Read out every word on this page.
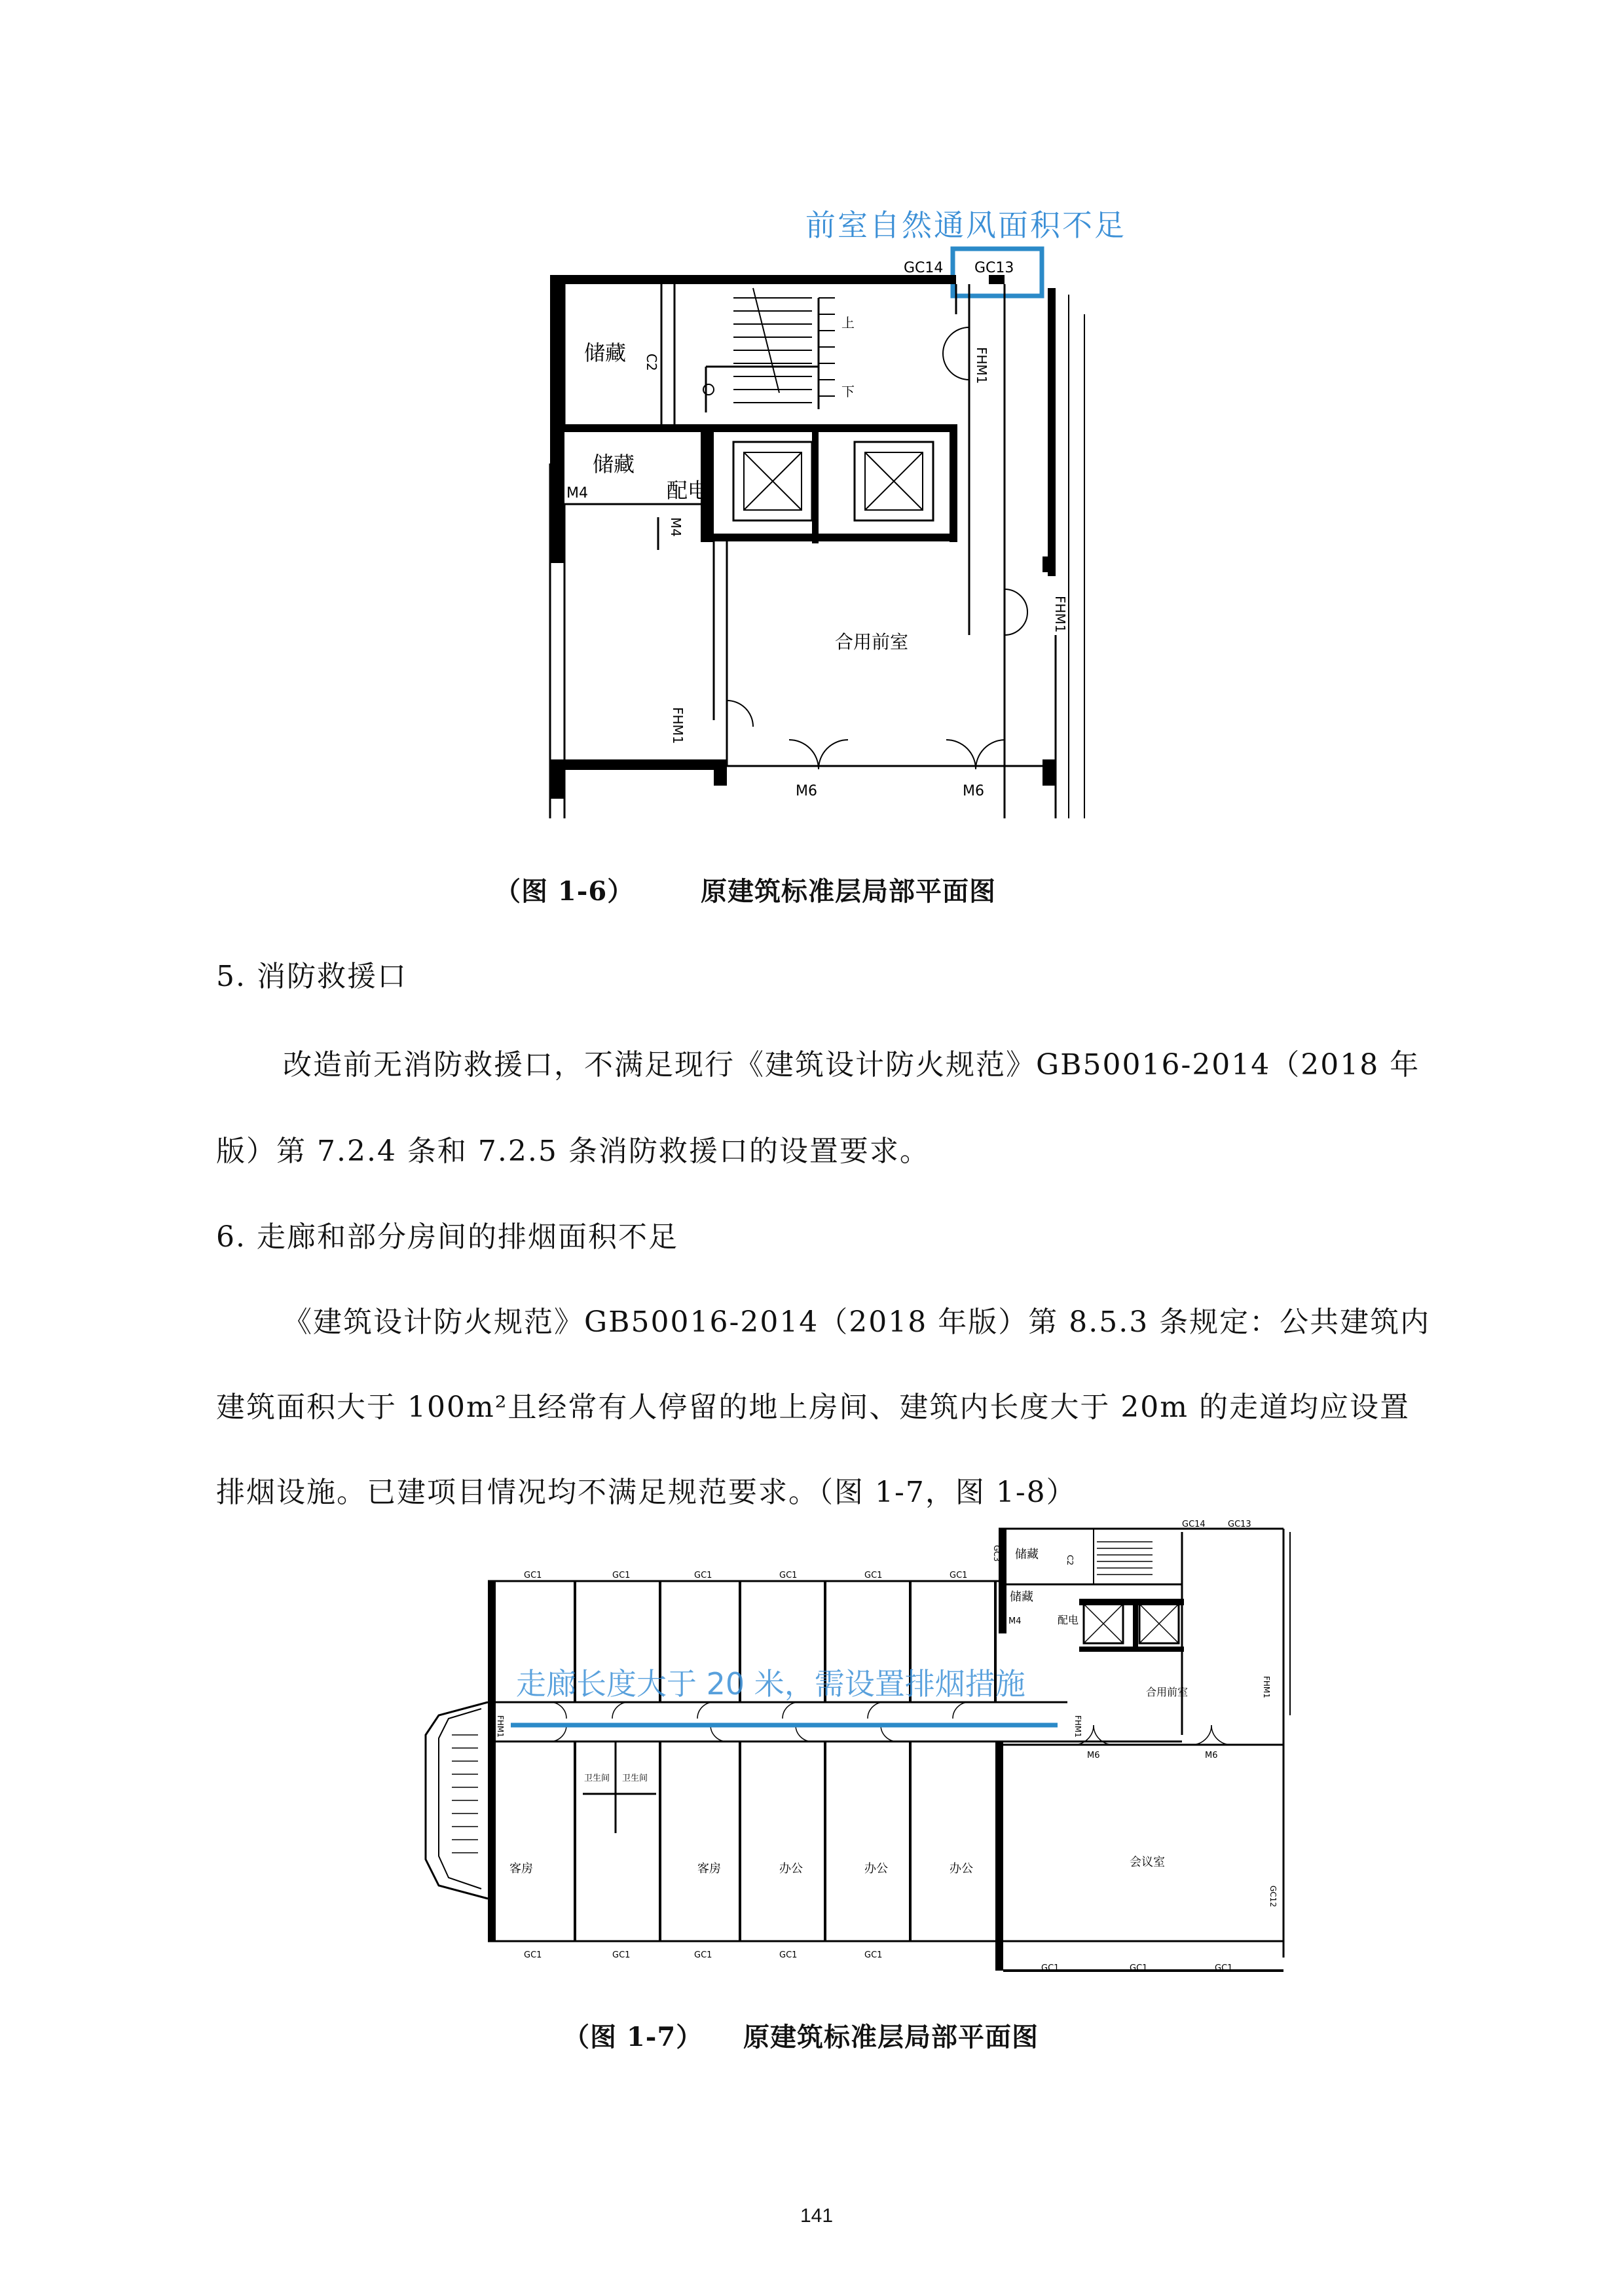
前室自然通风面积不足
GC14 GC13
储藏 C2
上
下
FHM1
储藏
M4	配电
M4
合用前室
FHM1
FHM1
M6	M6
（图 1-6）	原建筑标准层局部平面图
5. 消防救援口
改造前无消防救援口，不满足现行《建筑设计防火规范》GB50016-2014（2018 年
版）第 7.2.4 条和 7.2.5 条消防救援口的设置要求。
6. 走廊和部分房间的排烟面积不足
《建筑设计防火规范》GB50016-2014（2018 年版）第 8.5.3 条规定：公共建筑内
建筑面积大于 100m²且经常有人停留的地上房间、建筑内长度大于 20m 的走道均应设置
排烟设施。已建项目情况均不满足规范要求。（图 1-7，图 1-8）
走廊长度大于 20 米，需设置排烟措施
GC1	GC1	GC1	GC1	GC1	GC1
GC14	GC13
GC3 储藏	C2
储藏
M4	配电
合用前室	FHM1
FHM1
FHM1
M6	M6
客房
卫生间 卫生间
客房	办公	办公	办公	会议室
GC12
GC1	GC1	GC1	GC1	GC1
GC1	GC1	GC1
（图 1-7） 原建筑标准层局部平面图
141
